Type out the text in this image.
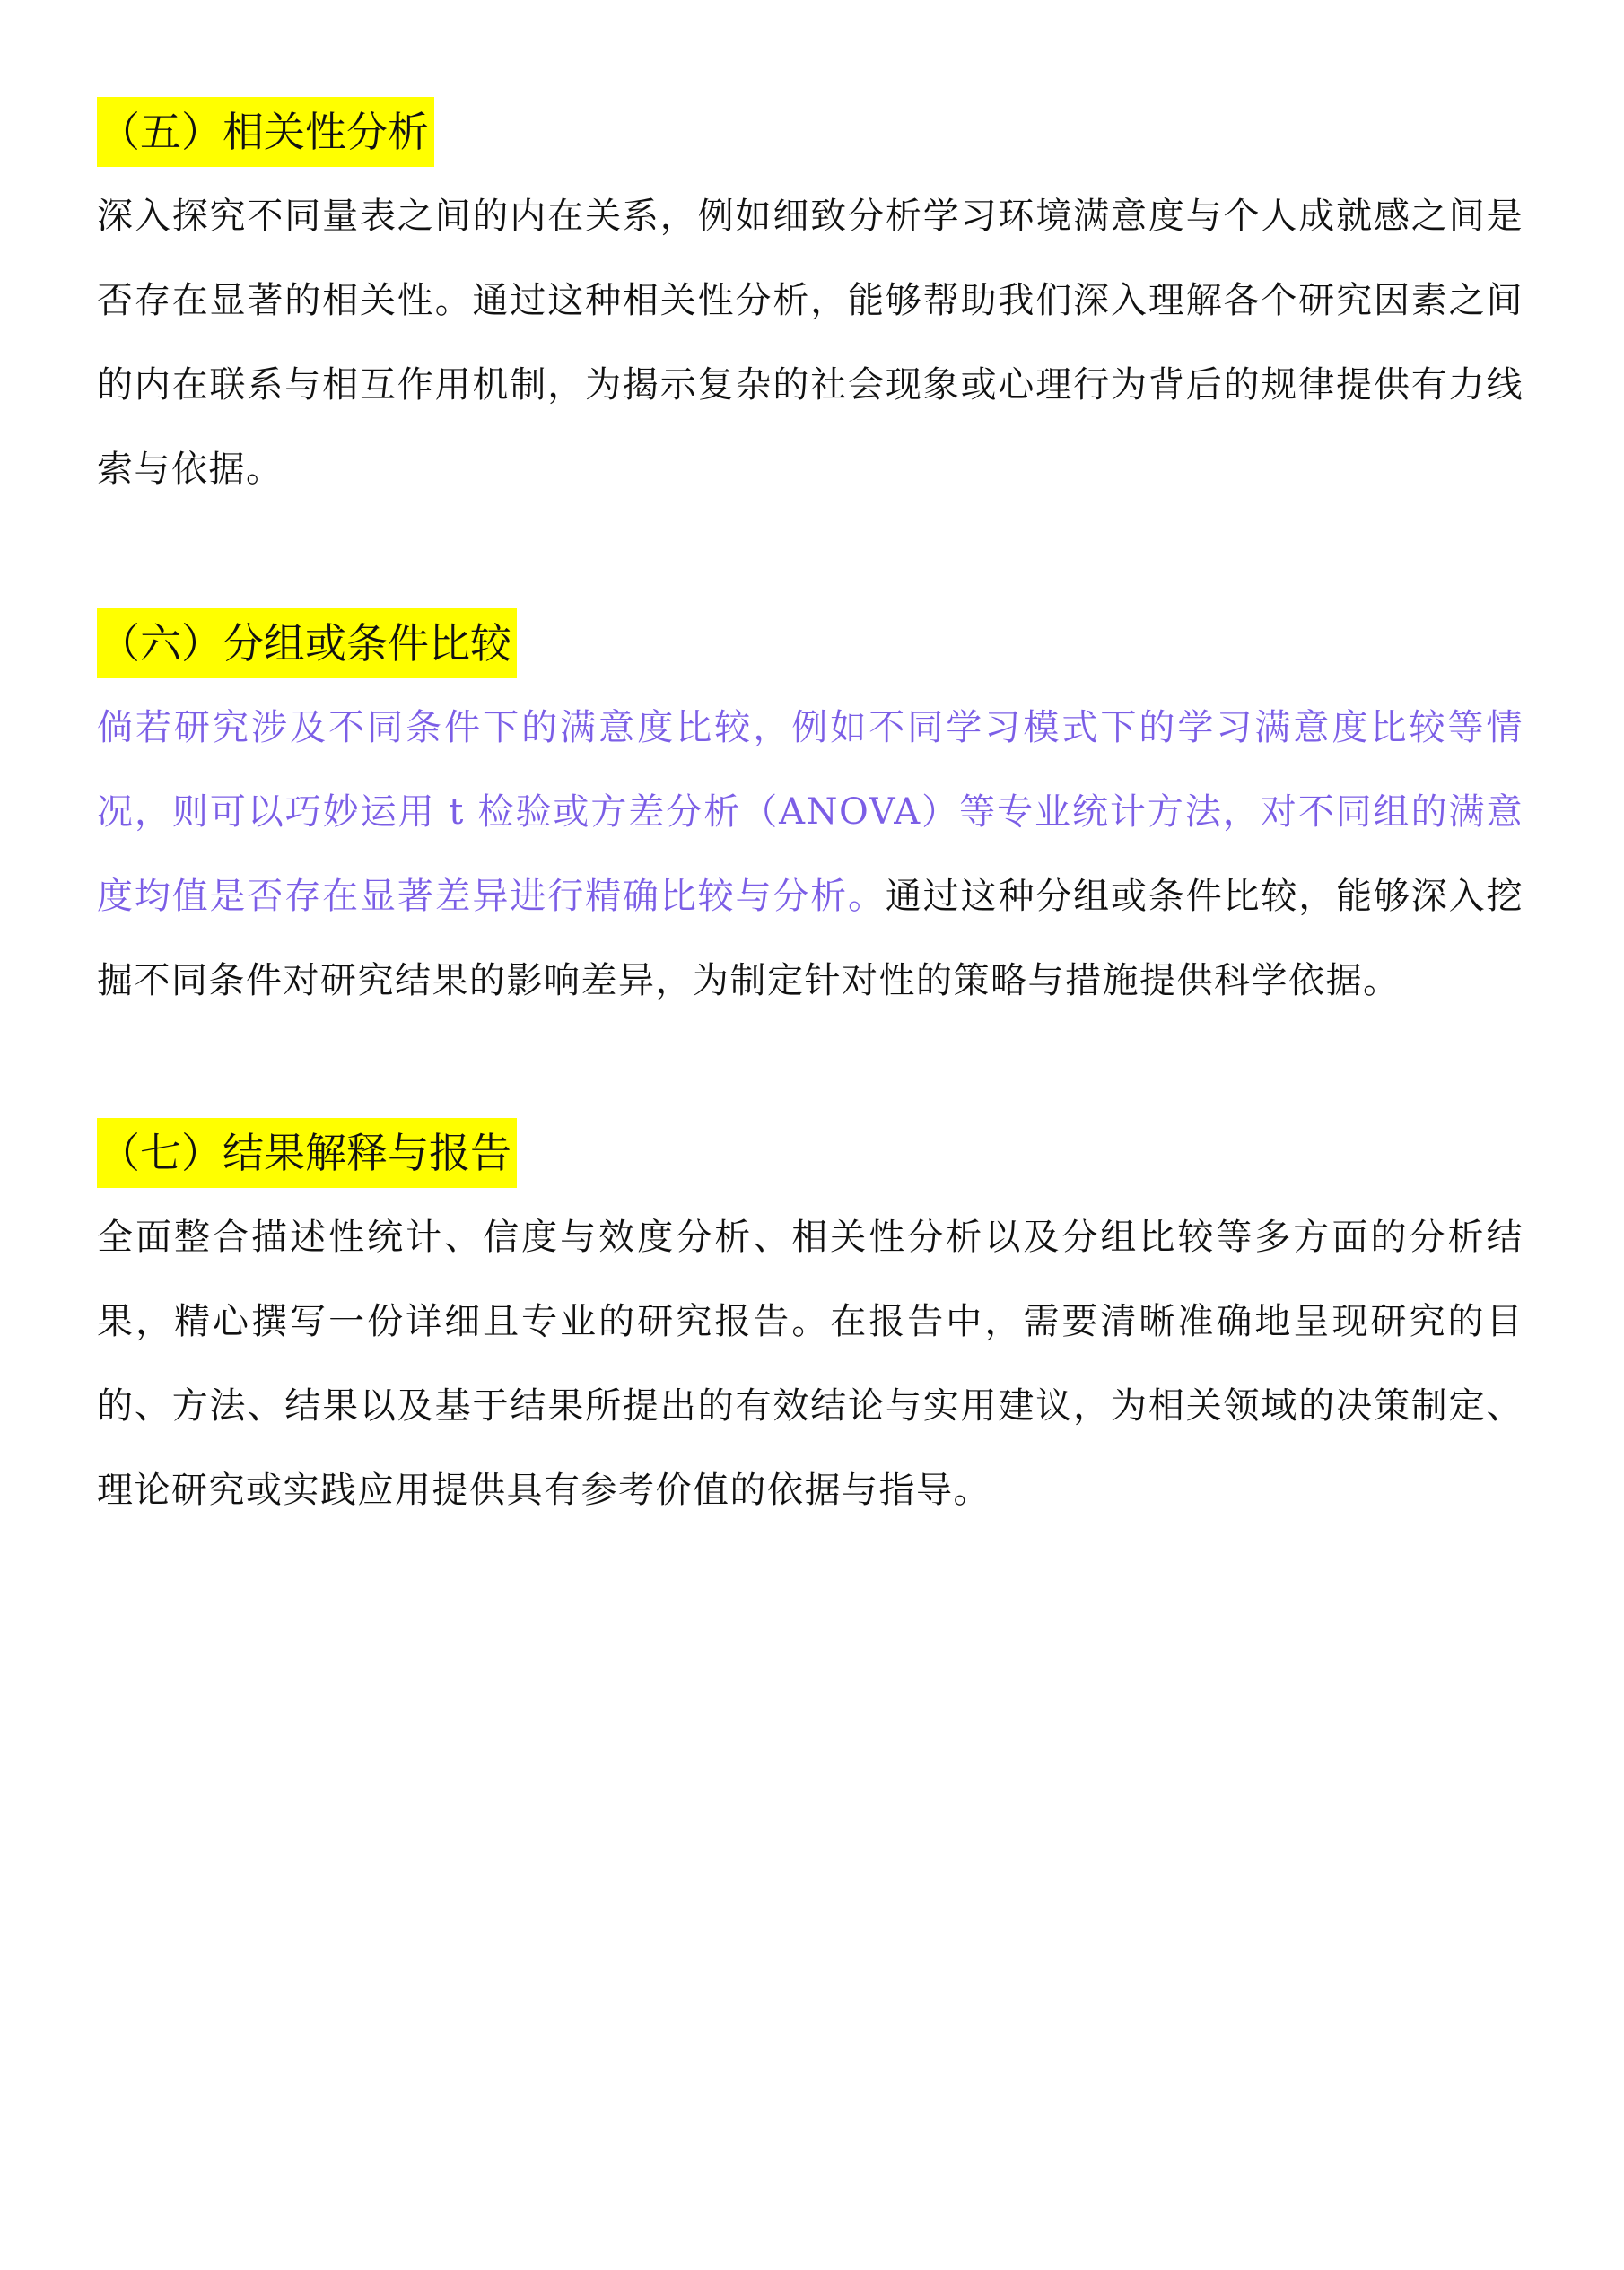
（五）相关性分析

深入探究不同量表之间的内在关系，例如细致分析学习环境满意度与个人成就感之间是否存在显著的相关性。通过这种相关性分析，能够帮助我们深入理解各个研究因素之间的内在联系与相互作用机制，为揭示复杂的社会现象或心理行为背后的规律提供有力线索与依据。

（六）分组或条件比较

倘若研究涉及不同条件下的满意度比较，例如不同学习模式下的学习满意度比较等情况，则可以巧妙运用 t 检验或方差分析（ANOVA）等专业统计方法，对不同组的满意度均值是否存在显著差异进行精确比较与分析。通过这种分组或条件比较，能够深入挖掘不同条件对研究结果的影响差异，为制定针对性的策略与措施提供科学依据。

（七）结果解释与报告

全面整合描述性统计、信度与效度分析、相关性分析以及分组比较等多方面的分析结果，精心撰写一份详细且专业的研究报告。在报告中，需要清晰准确地呈现研究的目的、方法、结果以及基于结果所提出的有效结论与实用建议，为相关领域的决策制定、理论研究或实践应用提供具有参考价值的依据与指导。
